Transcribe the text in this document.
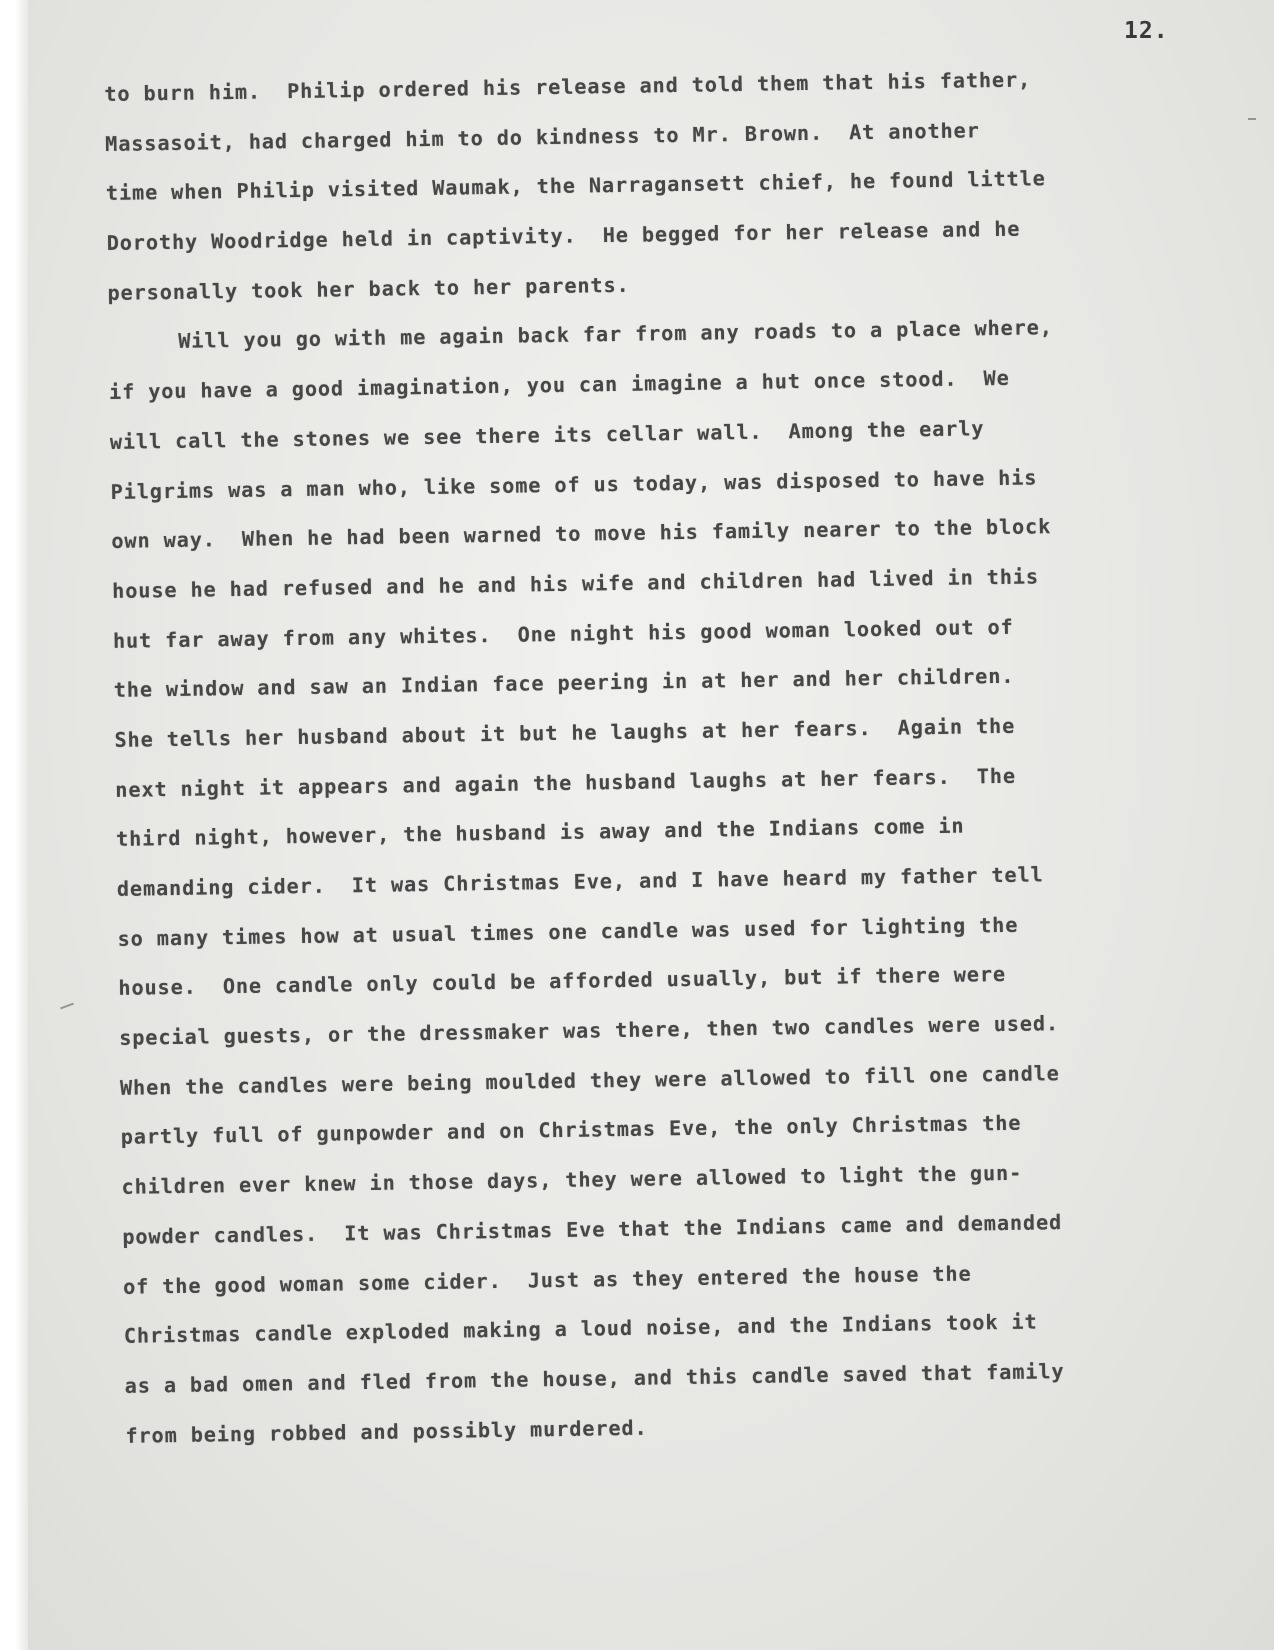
12.
to burn him.  Philip ordered his release and told them that his father,
Massasoit, had charged him to do kindness to Mr. Brown.  At another
time when Philip visited Waumak, the Narragansett chief, he found little
Dorothy Woodridge held in captivity.  He begged for her release and he
personally took her back to her parents.
Will you go with me again back far from any roads to a place where,
if you have a good imagination, you can imagine a hut once stood.  We
will call the stones we see there its cellar wall.  Among the early
Pilgrims was a man who, like some of us today, was disposed to have his
own way.  When he had been warned to move his family nearer to the block
house he had refused and he and his wife and children had lived in this
hut far away from any whites.  One night his good woman looked out of
the window and saw an Indian face peering in at her and her children.
She tells her husband about it but he laughs at her fears.  Again the
next night it appears and again the husband laughs at her fears.  The
third night, however, the husband is away and the Indians come in
demanding cider.  It was Christmas Eve, and I have heard my father tell
so many times how at usual times one candle was used for lighting the
house.  One candle only could be afforded usually, but if there were
special guests, or the dressmaker was there, then two candles were used.
When the candles were being moulded they were allowed to fill one candle
partly full of gunpowder and on Christmas Eve, the only Christmas the
children ever knew in those days, they were allowed to light the gun-
powder candles.  It was Christmas Eve that the Indians came and demanded
of the good woman some cider.  Just as they entered the house the
Christmas candle exploded making a loud noise, and the Indians took it
as a bad omen and fled from the house, and this candle saved that family
from being robbed and possibly murdered.
